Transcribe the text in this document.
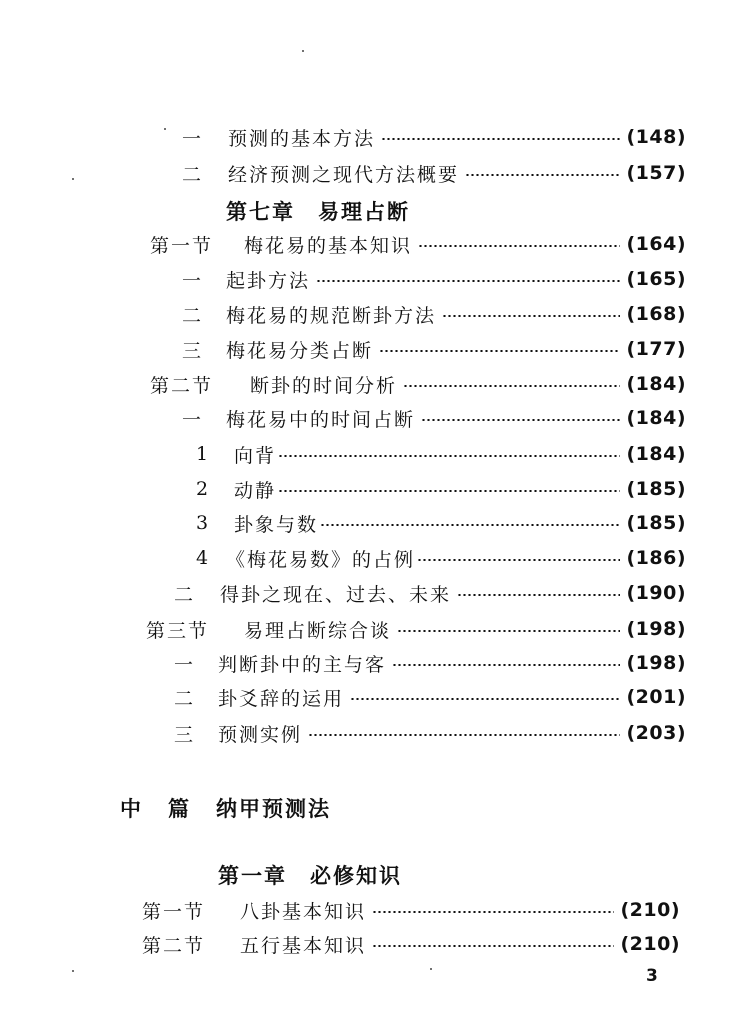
一	预测的基本方法	(148)
二	经济预测之现代方法概要	(157)
第七章　易理占断
第一节	梅花易的基本知识	(164)
一	起卦方法	(165)
二	梅花易的规范断卦方法	(168)
三	梅花易分类占断	(177)
第二节	断卦的时间分析	(184)
一	梅花易中的时间占断	(184)
1	向背	(184)
2	动静	(185)
3	卦象与数	(185)
4 《梅花易数》的占例	(186)
二	得卦之现在、过去、未来	(190)
第三节	易理占断综合谈	(198)
一	判断卦中的主与客	(198)
二	卦爻辞的运用	(201)
三	预测实例	(203)
中 篇 纳甲预测法
第一章　必修知识
第一节	八卦基本知识	(210)
第二节	五行基本知识	(210)
3
